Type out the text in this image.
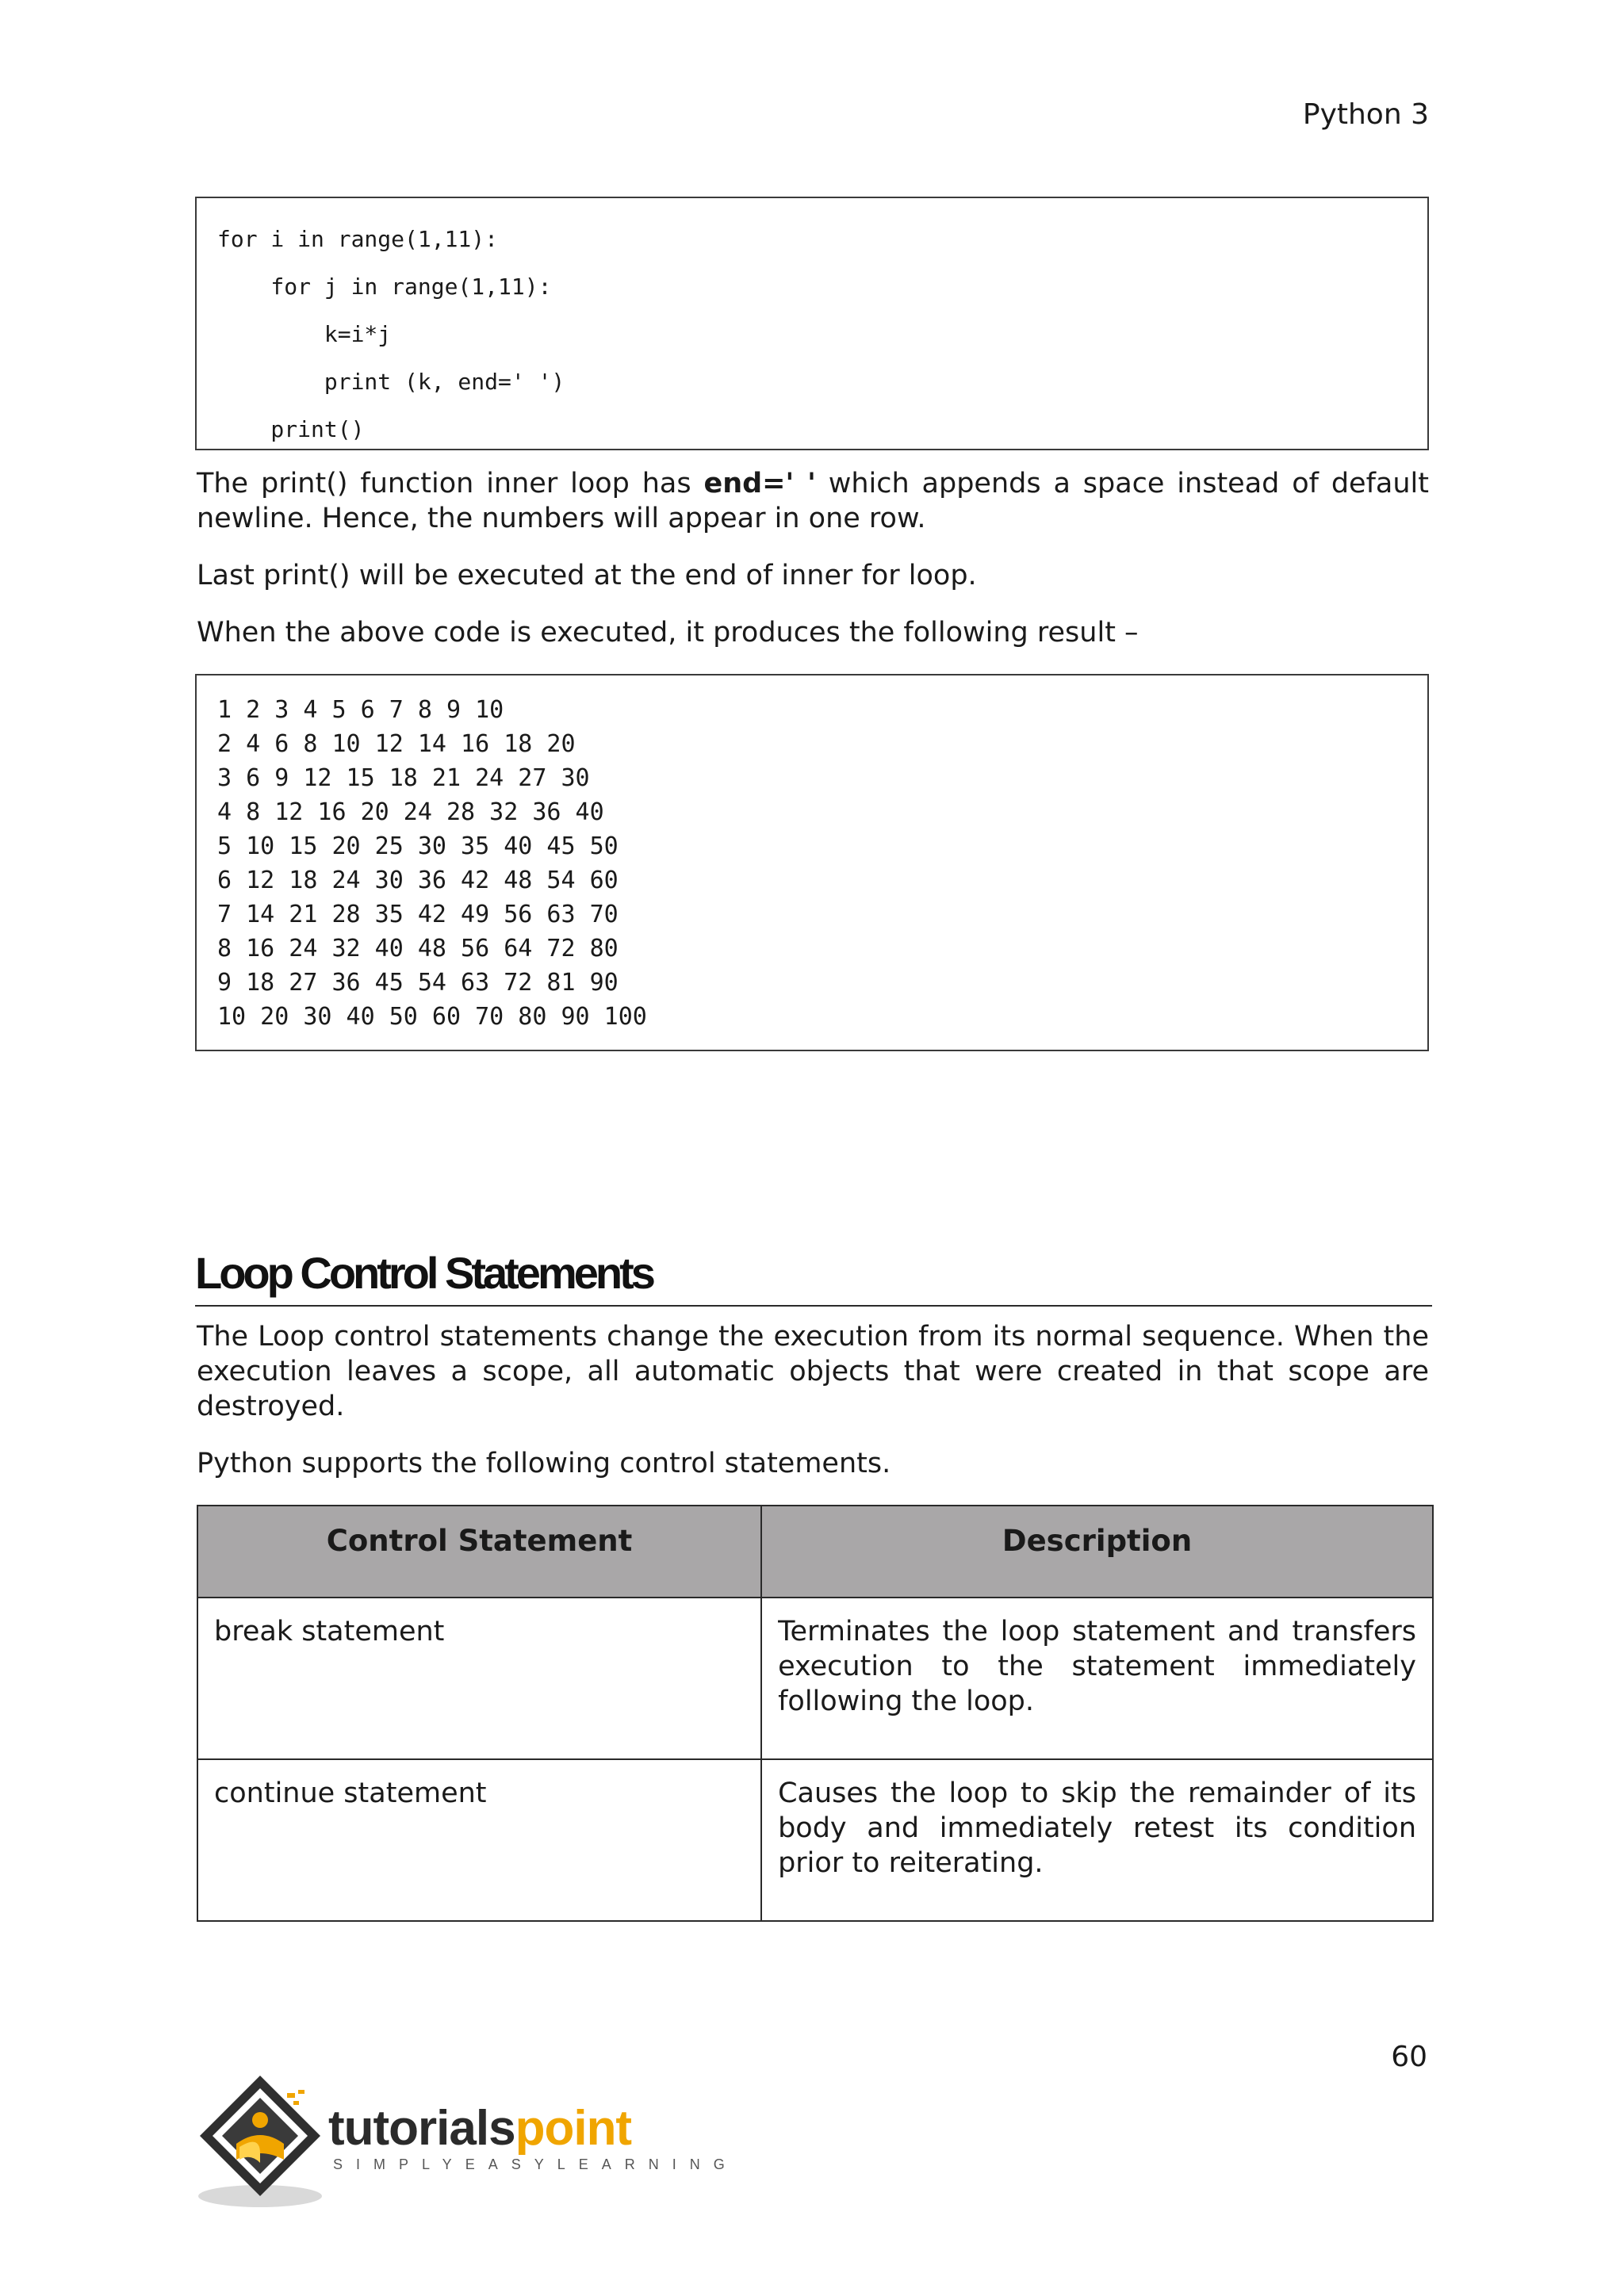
Python 3
for i in range(1,11):
for j in range(1,11):
k=i*j
print (k, end=' ')
print()
The print() function inner loop has end=' ' which appends a space instead of default newline. Hence, the numbers will appear in one row.
Last print() will be executed at the end of inner for loop.
When the above code is executed, it produces the following result –
1 2 3 4 5 6 7 8 9 10
2 4 6 8 10 12 14 16 18 20
3 6 9 12 15 18 21 24 27 30
4 8 12 16 20 24 28 32 36 40
5 10 15 20 25 30 35 40 45 50
6 12 18 24 30 36 42 48 54 60
7 14 21 28 35 42 49 56 63 70
8 16 24 32 40 48 56 64 72 80
9 18 27 36 45 54 63 72 81 90
10 20 30 40 50 60 70 80 90 100
Loop Control Statements
The Loop control statements change the execution from its normal sequence. When the execution leaves a scope, all automatic objects that were created in that scope are destroyed.
Python supports the following control statements.
Control Statement	Description
break statement	Terminates the loop statement and transfers execution to the statement immediately following the loop.
continue statement	Causes the loop to skip the remainder of its body and immediately retest its condition prior to reiterating.
60
tutorialspoint
SIMPLYEASYLEARNING
